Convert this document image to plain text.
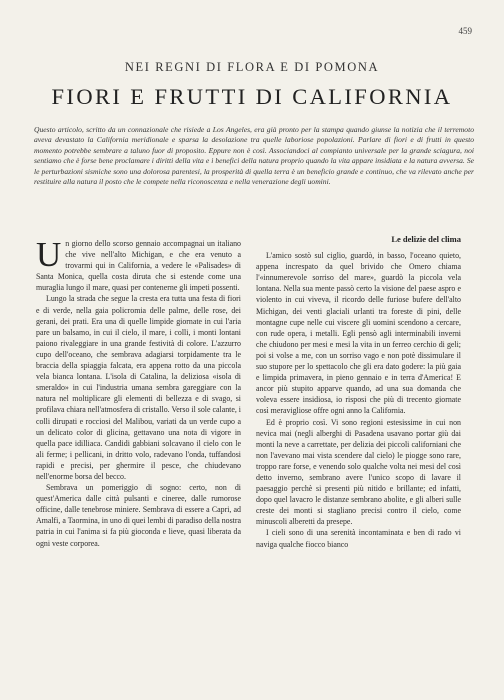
459
NEI REGNI DI FLORA E DI POMONA
FIORI E FRUTTI DI CALIFORNIA

Questo articolo, scritto da un connazionale che risiede a Los Angeles, era già pronto per la stampa quando giunse la notizia che il terremoto aveva devastato la California meridionale e sparsa la desolazione tra quelle laboriose popolazioni. Parlare di fiori e di frutti in questo momento potrebbe sembrare a taluno fuor di proposito. Eppure non è così. Associandoci al compianto universale per la grande sciagura, noi sentiamo che è forse bene proclamare i diritti della vita e i benefici della natura proprio quando la vita appare insidiata e la natura avversa. Se le perturbazioni sismiche sono una dolorosa parentesi, la prosperità di quella terra è un beneficio grande e continuo, che va rilevato anche per restituire alla natura il posto che le compete nella riconoscenza e nella venerazione degli uomini.

Un giorno dello scorso gennaio accompagnai un italiano che vive nell'alto Michigan, e che era venuto a trovarmi qui in California, a vedere le «Palisades» di Santa Monica, quella costa diruta che si estende come una muraglia lungo il mare, quasi per contenerne gli impeti possenti.

Lungo la strada che segue la cresta era tutta una festa di fiori e di verde, nella gaia policromia delle palme, delle rose, dei gerani, dei prati. Era una di quelle limpide giornate in cui l'aria pare un balsamo, in cui il cielo, il mare, i colli, i monti lontani paiono rivaleggiare in una grande festività di colore. L'azzurro cupo dell'oceano, che sembrava adagiarsi torpidamente tra le braccia della spiaggia falcata, era appena rotto da una piccola vela bianca lontana. L'isola di Catalina, la deliziosa «isola di smeraldo» in cui l'industria umana sembra gareggiare con la natura nel moltiplicare gli elementi di bellezza e di svago, si profilava chiara nell'atmosfera di cristallo. Verso il sole calante, i colli dirupati e rocciosi del Malibou, variati da un verde cupo a un delicato color di glicina, gettavano una nota di vigore in quella pace idilliaca. Candidi gabbiani solcavano il cielo con le ali ferme; i pellicani, in dritto volo, radevano l'onda, tuffandosi rapidi e precisi, per ghermire il pesce, che chiudevano nell'enorme borsa del becco.

Sembrava un pomeriggio di sogno: certo, non di quest'America dalle città pulsanti e cineree, dalle rumorose officine, dalle tenebrose miniere. Sembrava di essere a Capri, ad Amalfi, a Taormina, in uno di quei lembi di paradiso della nostra patria in cui l'anima si fa più gioconda e lieve, quasi liberata da ogni veste corporea.

Le delizie del clima

L'amico sostò sul ciglio, guardò, in basso, l'oceano quieto, appena increspato da quel brivido che Omero chiama l'«innumerevole sorriso del mare», guardò la piccola vela lontana. Nella sua mente passò certo la visione del paese aspro e violento in cui viveva, il ricordo delle furiose bufere dell'alto Michigan, dei venti glaciali urlanti tra foreste di pini, delle montagne cupe nelle cui viscere gli uomini scendono a cercare, con rude opera, i metalli. Egli pensò agli interminabili inverni che chiudono per mesi e mesi la vita in un ferreo cerchio di geli; poi si volse a me, con un sorriso vago e non potè dissimulare il suo stupore per lo spettacolo che gli era dato godere: la più gaia e limpida primavera, in pieno gennaio e in terra d'America! E ancor più stupito apparve quando, ad una sua domanda che voleva essere insidiosa, io risposi che più di trecento giornate così meravigliose offre ogni anno la California.

Ed è proprio così. Vi sono regioni estesissime in cui non nevica mai (negli alberghi di Pasadena usavano portar giù dai monti la neve a carrettate, per delizia dei piccoli californiani che non l'avevano mai vista scendere dal cielo) le piogge sono rare, troppo rare forse, e venendo solo qualche volta nei mesi del così detto inverno, sembrano avere l'unico scopo di lavare il paesaggio perchè si presenti più nitido e brillante; ed infatti, dopo quel lavacro le distanze sembrano abolite, e gli alberi sulle creste dei monti si stagliano precisi contro il cielo, come minuscoli alberetti da presepe.

I cieli sono di una serenità incontaminata e ben di rado vi naviga qualche fiocco bianco
